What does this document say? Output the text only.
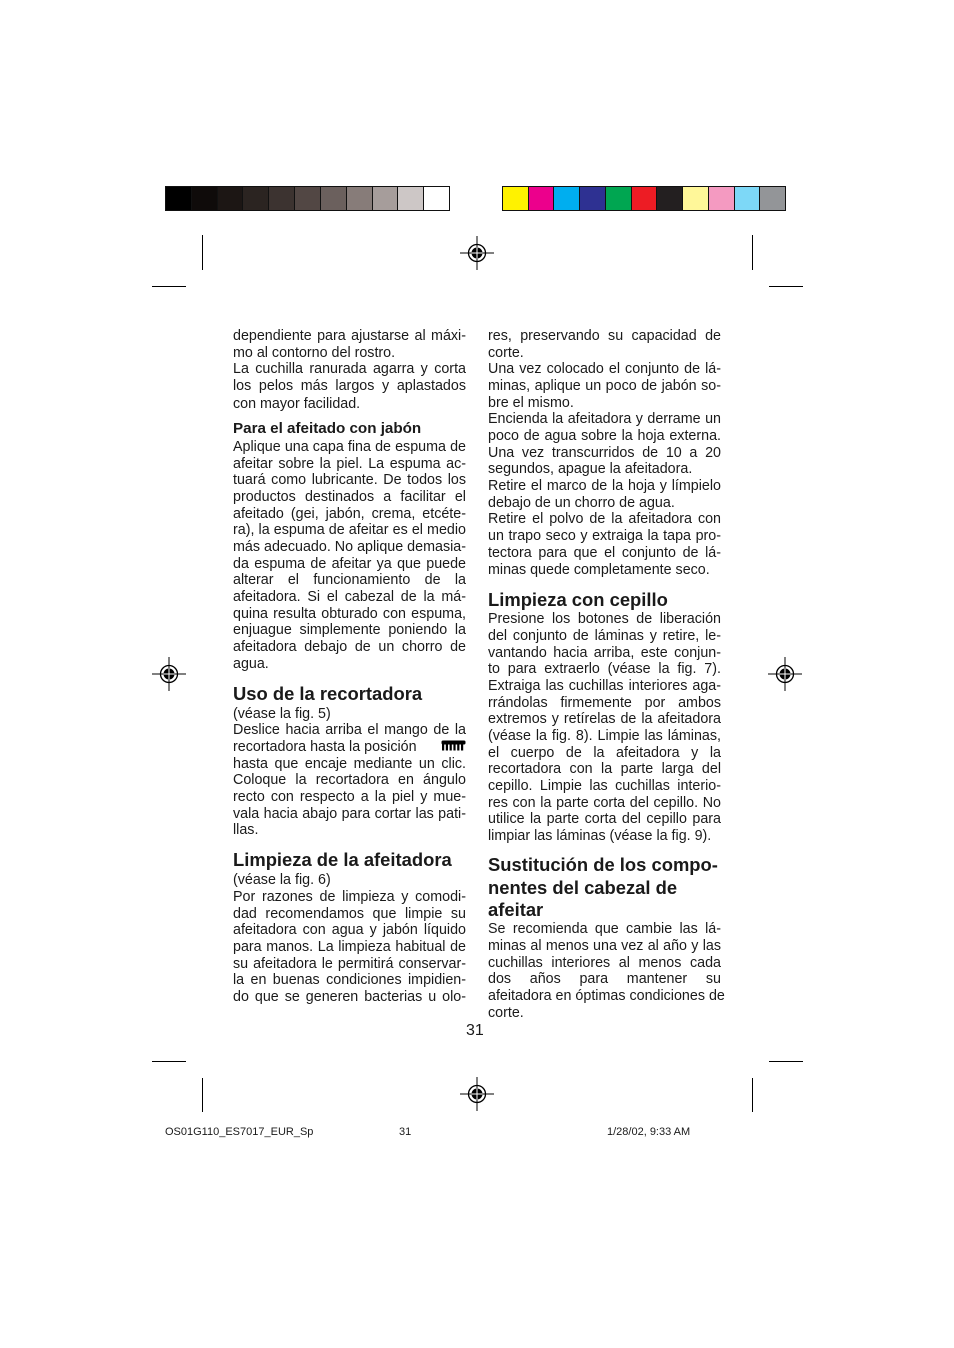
dependiente para ajustarse al máxi-
mo al contorno del rostro.
La cuchilla ranurada agarra y corta
los pelos más largos y aplastados
con mayor facilidad.
Para el afeitado con jabón
Aplique una capa fina de espuma de
afeitar sobre la piel. La espuma ac-
tuará como lubricante. De todos los
productos destinados a facilitar el
afeitado (gei, jabón, crema, etcéte-
ra), la espuma de afeitar es el medio
más adecuado. No aplique demasia-
da espuma de afeitar ya que puede
alterar el funcionamiento de la
afeitadora. Si el cabezal de la má-
quina resulta obturado con espuma,
enjuague simplemente poniendo la
afeitadora debajo de un chorro de
agua.
Uso de la recortadora
(véase la fig. 5)
Deslice hacia arriba el mango de la
recortadora hasta la posición
hasta que encaje mediante un clic.
Coloque la recortadora en ángulo
recto con respecto a la piel y mue-
vala hacia abajo para cortar las pati-
llas.
Limpieza de la afeitadora
(véase la fig. 6)
Por razones de limpieza y comodi-
dad recomendamos que limpie su
afeitadora con agua y jabón líquido
para manos. La limpieza habitual de
su afeitadora le permitirá conservar-
la en buenas condiciones impidien-
do que se generen bacterias u olo-
res, preservando su capacidad de
corte.
Una vez colocado el conjunto de lá-
minas, aplique un poco de jabón so-
bre el mismo.
Encienda la afeitadora y derrame un
poco de agua sobre la hoja externa.
Una vez transcurridos de 10 a 20
segundos, apague la afeitadora.
Retire el marco de la hoja y límpielo
debajo de un chorro de agua.
Retire el polvo de la afeitadora con
un trapo seco y extraiga la tapa pro-
tectora para que el conjunto de lá-
minas quede completamente seco.
Limpieza con cepillo
Presione los botones de liberación
del conjunto de láminas y retire, le-
vantando hacia arriba, este conjun-
to para extraerlo (véase la fig. 7).
Extraiga las cuchillas interiores aga-
rrándolas firmemente por ambos
extremos y retírelas de la afeitadora
(véase la fig. 8). Limpie las láminas,
el cuerpo de la afeitadora y la
recortadora con la parte larga del
cepillo. Limpie las cuchillas interio-
res con la parte corta del cepillo. No
utilice la parte corta del cepillo para
limpiar las láminas (véase la fig. 9).
Sustitución de los compo-
nentes del cabezal de
afeitar
Se recomienda que cambie las lá-
minas al menos una vez al año y las
cuchillas interiores al menos cada
dos años para mantener su
afeitadora en óptimas condiciones de
corte.
31
OS01G110_ES7017_EUR_Sp	31	1/28/02, 9:33 AM
